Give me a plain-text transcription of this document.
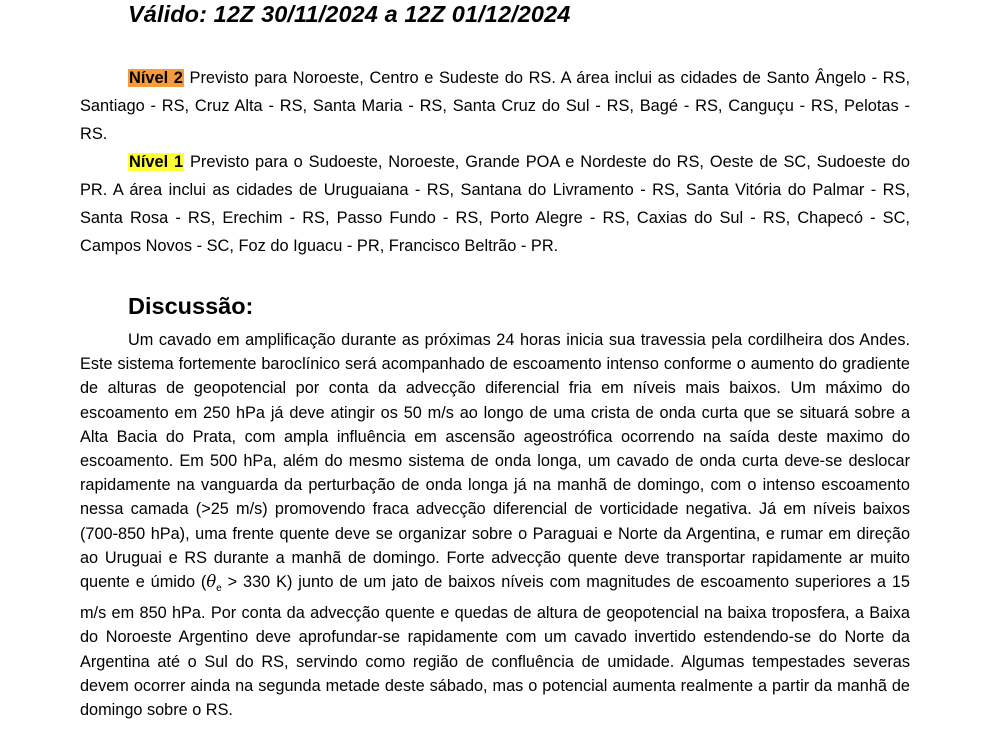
Válido: 12Z 30/11/2024 a 12Z 01/12/2024
Nível 2 Previsto para Noroeste, Centro e Sudeste do RS. A área inclui as cidades de Santo Ângelo - RS, Santiago - RS, Cruz Alta - RS, Santa Maria - RS, Santa Cruz do Sul - RS, Bagé - RS, Canguçu - RS, Pelotas - RS.
Nível 1 Previsto para o Sudoeste, Noroeste, Grande POA e Nordeste do RS, Oeste de SC, Sudoeste do PR. A área inclui as cidades de Uruguaiana - RS, Santana do Livramento - RS, Santa Vitória do Palmar - RS, Santa Rosa - RS, Erechim - RS, Passo Fundo - RS, Porto Alegre - RS, Caxias do Sul - RS, Chapecó - SC, Campos Novos - SC, Foz do Iguacu - PR, Francisco Beltrão - PR.
Discussão:
Um cavado em amplificação durante as próximas 24 horas inicia sua travessia pela cordilheira dos Andes. Este sistema fortemente baroclínico será acompanhado de escoamento intenso conforme o aumento do gradiente de alturas de geopotencial por conta da advecção diferencial fria em níveis mais baixos. Um máximo do escoamento em 250 hPa já deve atingir os 50 m/s ao longo de uma crista de onda curta que se situará sobre a Alta Bacia do Prata, com ampla influência em ascensão ageostrófica ocorrendo na saída deste maximo do escoamento. Em 500 hPa, além do mesmo sistema de onda longa, um cavado de onda curta deve-se deslocar rapidamente na vanguarda da perturbação de onda longa já na manhã de domingo, com o intenso escoamento nessa camada (>25 m/s) promovendo fraca advecção diferencial de vorticidade negativa. Já em níveis baixos (700-850 hPa), uma frente quente deve se organizar sobre o Paraguai e Norte da Argentina, e rumar em direção ao Uruguai e RS durante a manhã de domingo. Forte advecção quente deve transportar rapidamente ar muito quente e úmido ($\theta_e > 330$ K) junto de um jato de baixos níveis com magnitudes de escoamento superiores a 15 m/s em 850 hPa. Por conta da advecção quente e quedas de altura de geopotencial na baixa troposfera, a Baixa do Noroeste Argentino deve aprofundar-se rapidamente com um cavado invertido estendendo-se do Norte da Argentina até o Sul do RS, servindo como região de confluência de umidade. Algumas tempestades severas devem ocorrer ainda na segunda metade deste sábado, mas o potencial aumenta realmente a partir da manhã de domingo sobre o RS.
